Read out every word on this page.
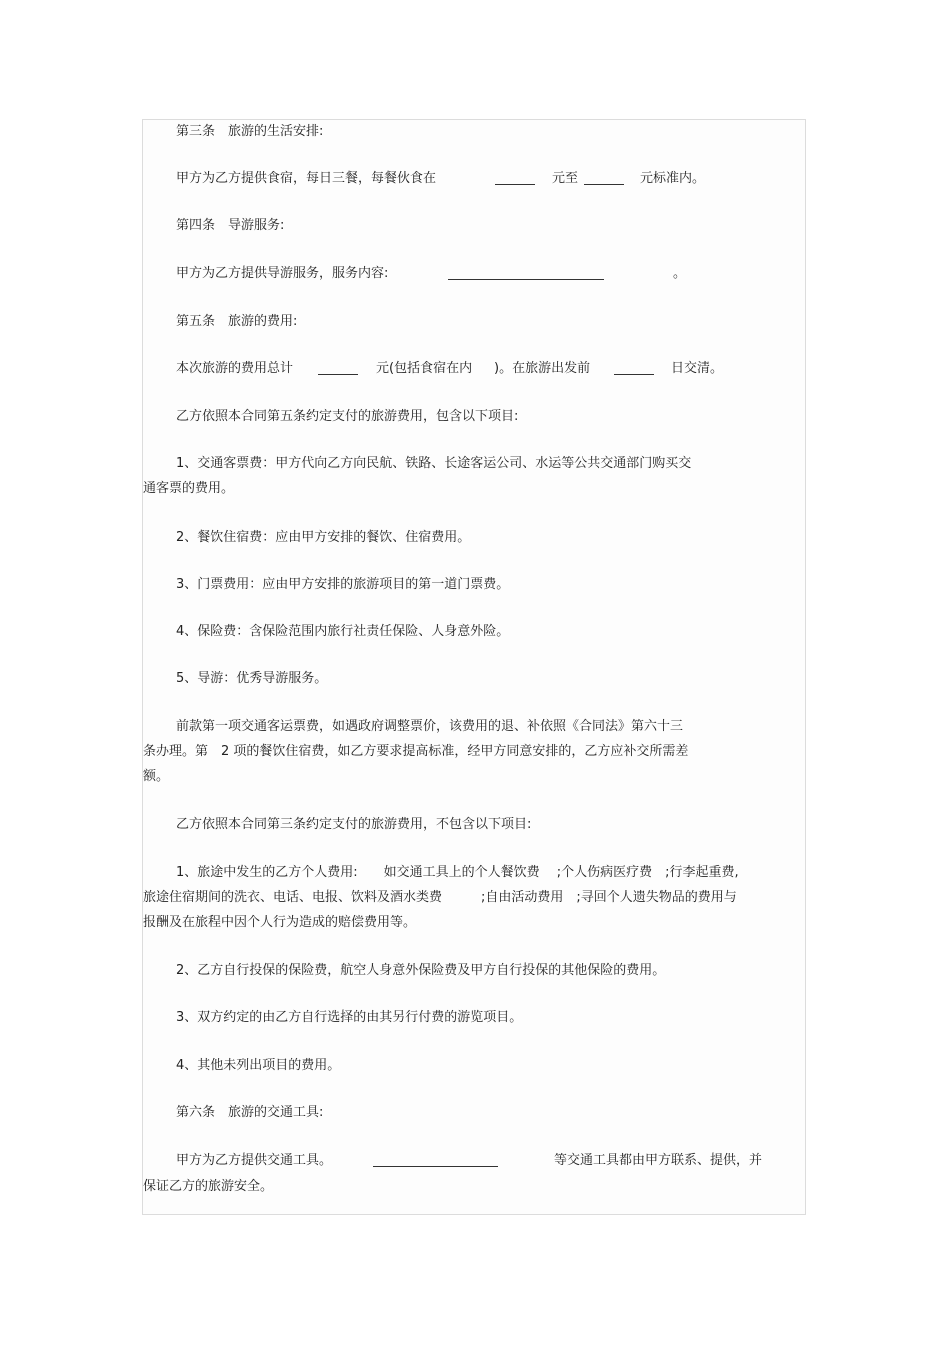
第三条　旅游的生活安排:
甲方为乙方提供食宿，每日三餐，每餐伙食在	元至	元标准内。
第四条　导游服务:
甲方为乙方提供导游服务，服务内容:	。
第五条　旅游的费用:
本次旅游的费用总计	元(包括食宿在内 )。在旅游出发前	日交清。
乙方依照本合同第五条约定支付的旅游费用，包含以下项目:
1、交通客票费：甲方代向乙方向民航、铁路、长途客运公司、水运等公共交通部门购买交
通客票的费用。
2、餐饮住宿费：应由甲方安排的餐饮、住宿费用。
3、门票费用：应由甲方安排的旅游项目的第一道门票费。
4、保险费：含保险范围内旅行社责任保险、人身意外险。
5、导游：优秀导游服务。
前款第一项交通客运票费，如遇政府调整票价，该费用的退、补依照《合同法》第六十三
条办理。第　2 项的餐饮住宿费，如乙方要求提高标准，经甲方同意安排的，乙方应补交所需差
额。
乙方依照本合同第三条约定支付的旅游费用，不包含以下项目:
1、旅途中发生的乙方个人费用:　　如交通工具上的个人餐饮费　 ;个人伤病医疗费　;行李起重费,
旅途住宿期间的洗衣、电话、电报、饮料及酒水类费　　　;自由活动费用　;寻回个人遗失物品的费用与
报酬及在旅程中因个人行为造成的赔偿费用等。
2、乙方自行投保的保险费，航空人身意外保险费及甲方自行投保的其他保险的费用。
3、双方约定的由乙方自行选择的由其另行付费的游览项目。
4、其他未列出项目的费用。
第六条　旅游的交通工具:
甲方为乙方提供交通工具。	等交通工具都由甲方联系、提供，并
保证乙方的旅游安全。
